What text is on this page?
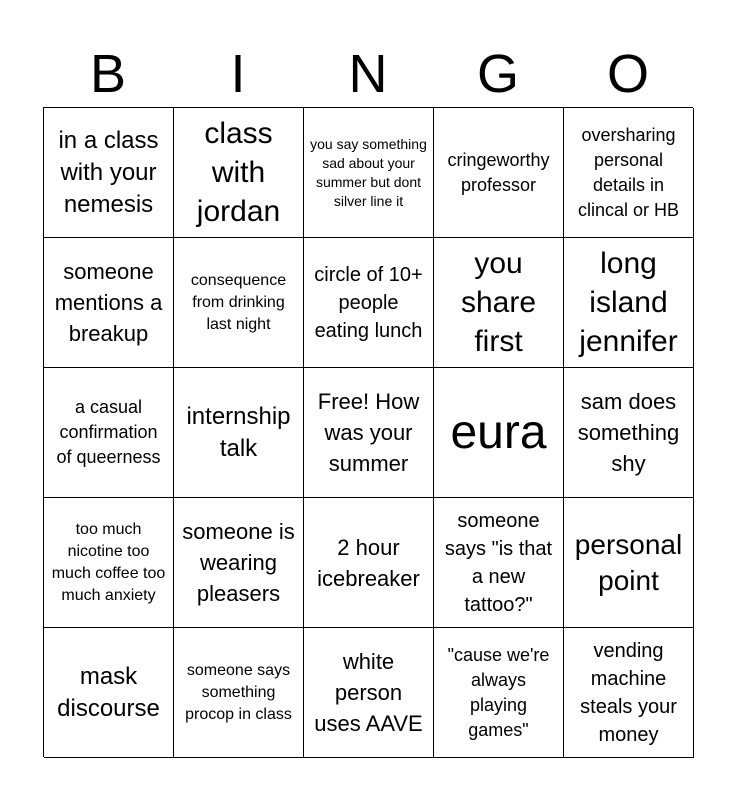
B	I	N	G	O
in a class with your nemesis
class with jordan
you say something sad about your summer but dont silver line it
cringeworthy professor
oversharing personal details in clincal or HB
someone mentions a breakup
consequence from drinking last night
circle of 10+ people eating lunch
you share first
long island jennifer
a casual confirmation of queerness
internship talk
Free! How was your summer
eura
sam does something shy
too much nicotine too much coffee too much anxiety
someone is wearing pleasers
2 hour icebreaker
someone says "is that a new tattoo?"
personal point
mask discourse
someone says something procop in class
white person uses AAVE
"cause we're always playing games"
vending machine steals your money
